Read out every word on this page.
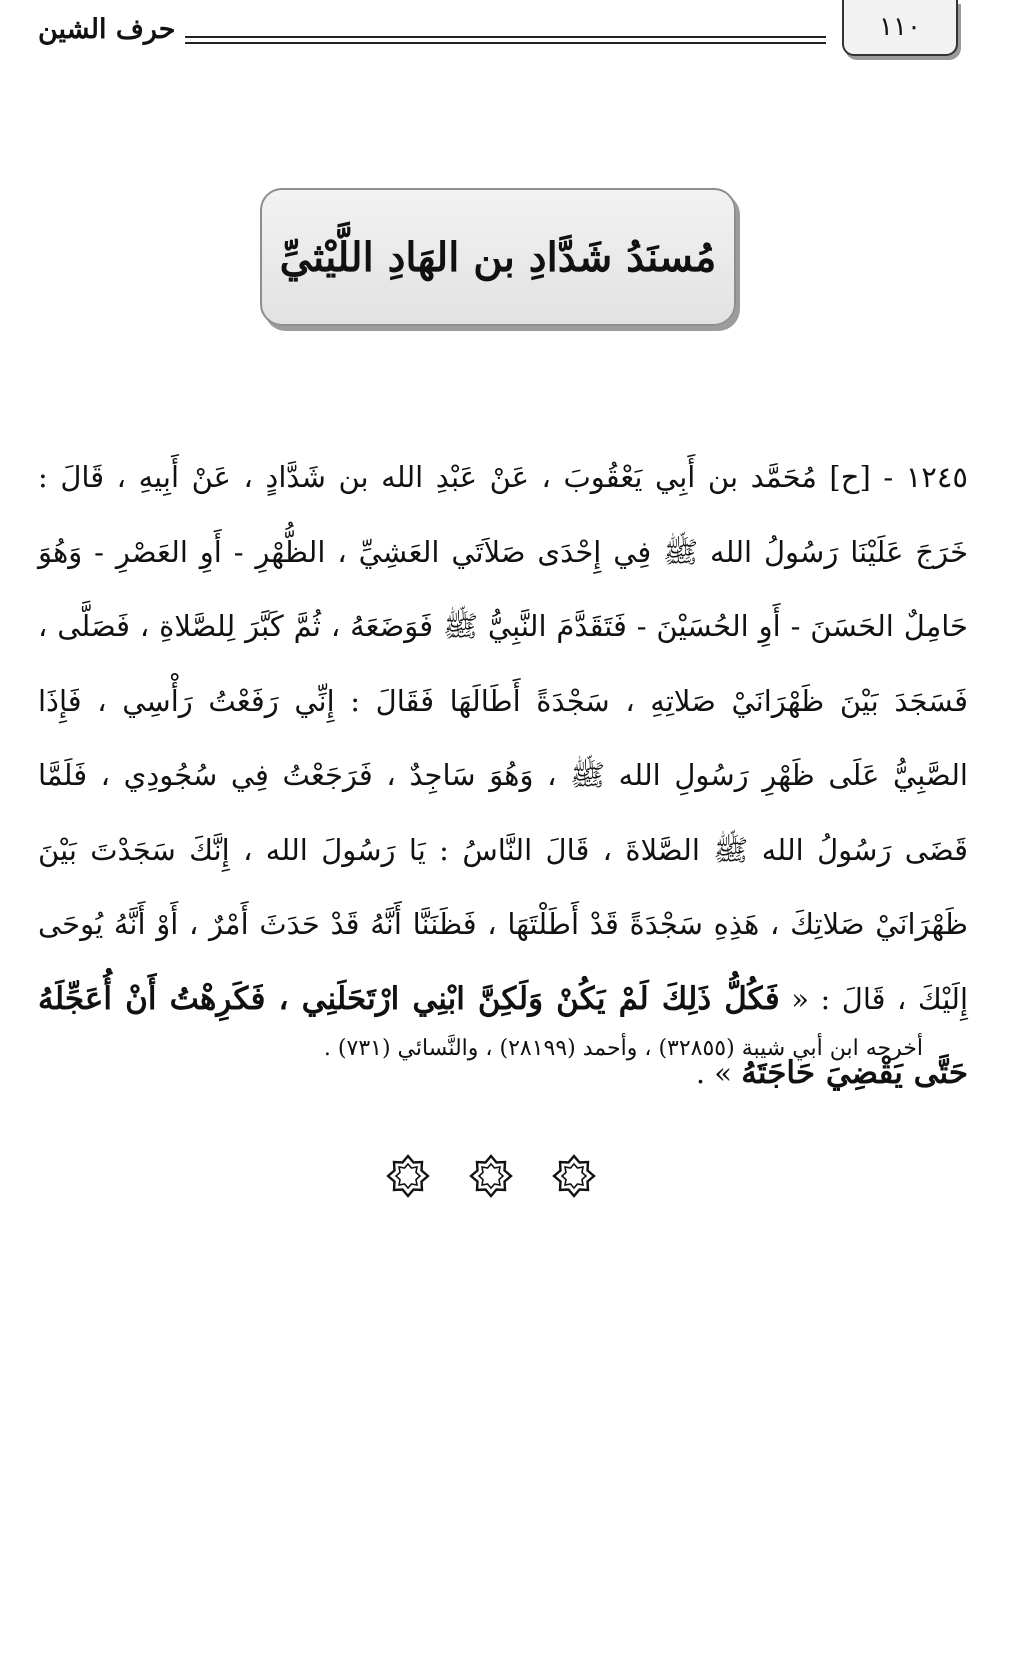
١١٠
حرف الشين
مُسنَدُ شَدَّادِ بن الهَادِ اللَّيْثيِّ
١٢٤٥ - [ح] مُحَمَّد بن أَبِي يَعْقُوبَ ، عَنْ عَبْدِ الله بن شَدَّادٍ ، عَنْ أَبِيهِ ، قَالَ : خَرَجَ عَلَيْنَا رَسُولُ الله ﷺ فِي إِحْدَى صَلاَتَي العَشِيِّ ، الظُّهْرِ - أَوِ العَصْرِ - وَهُوَ حَامِلٌ الحَسَنَ - أَوِ الحُسَيْنَ - فَتَقَدَّمَ النَّبِيُّ ﷺ فَوَضَعَهُ ، ثُمَّ كَبَّرَ لِلصَّلاةِ ، فَصَلَّى ، فَسَجَدَ بَيْنَ ظَهْرَانَيْ صَلاتِهِ ، سَجْدَةً أَطَالَهَا فَقَالَ : إِنِّي رَفَعْتُ رَأْسِي ، فَإِذَا الصَّبِيُّ عَلَى ظَهْرِ رَسُولِ الله ﷺ ، وَهُوَ سَاجِدٌ ، فَرَجَعْتُ فِي سُجُودِي ، فَلَمَّا قَضَى رَسُولُ الله ﷺ الصَّلاةَ ، قَالَ النَّاسُ : يَا رَسُولَ الله ، إِنَّكَ سَجَدْتَ بَيْنَ ظَهْرَانَيْ صَلاتِكَ ، هَذِهِ سَجْدَةً قَدْ أَطَلْتَهَا ، فَظَنَنَّا أَنَّهُ قَدْ حَدَثَ أَمْرٌ ، أَوْ أَنَّهُ يُوحَى إِلَيْكَ ، قَالَ : « فَكُلُّ ذَلِكَ لَمْ يَكُنْ وَلَكِنَّ ابْنِي ارْتَحَلَنِي ، فَكَرِهْتُ أَنْ أُعَجِّلَهُ حَتَّى يَقْضِيَ حَاجَتَهُ » .
أخرجه ابن أبي شيبة (٣٢٨٥٥) ، وأحمد (٢٨١٩٩) ، والنَّسائي (٧٣١) .
